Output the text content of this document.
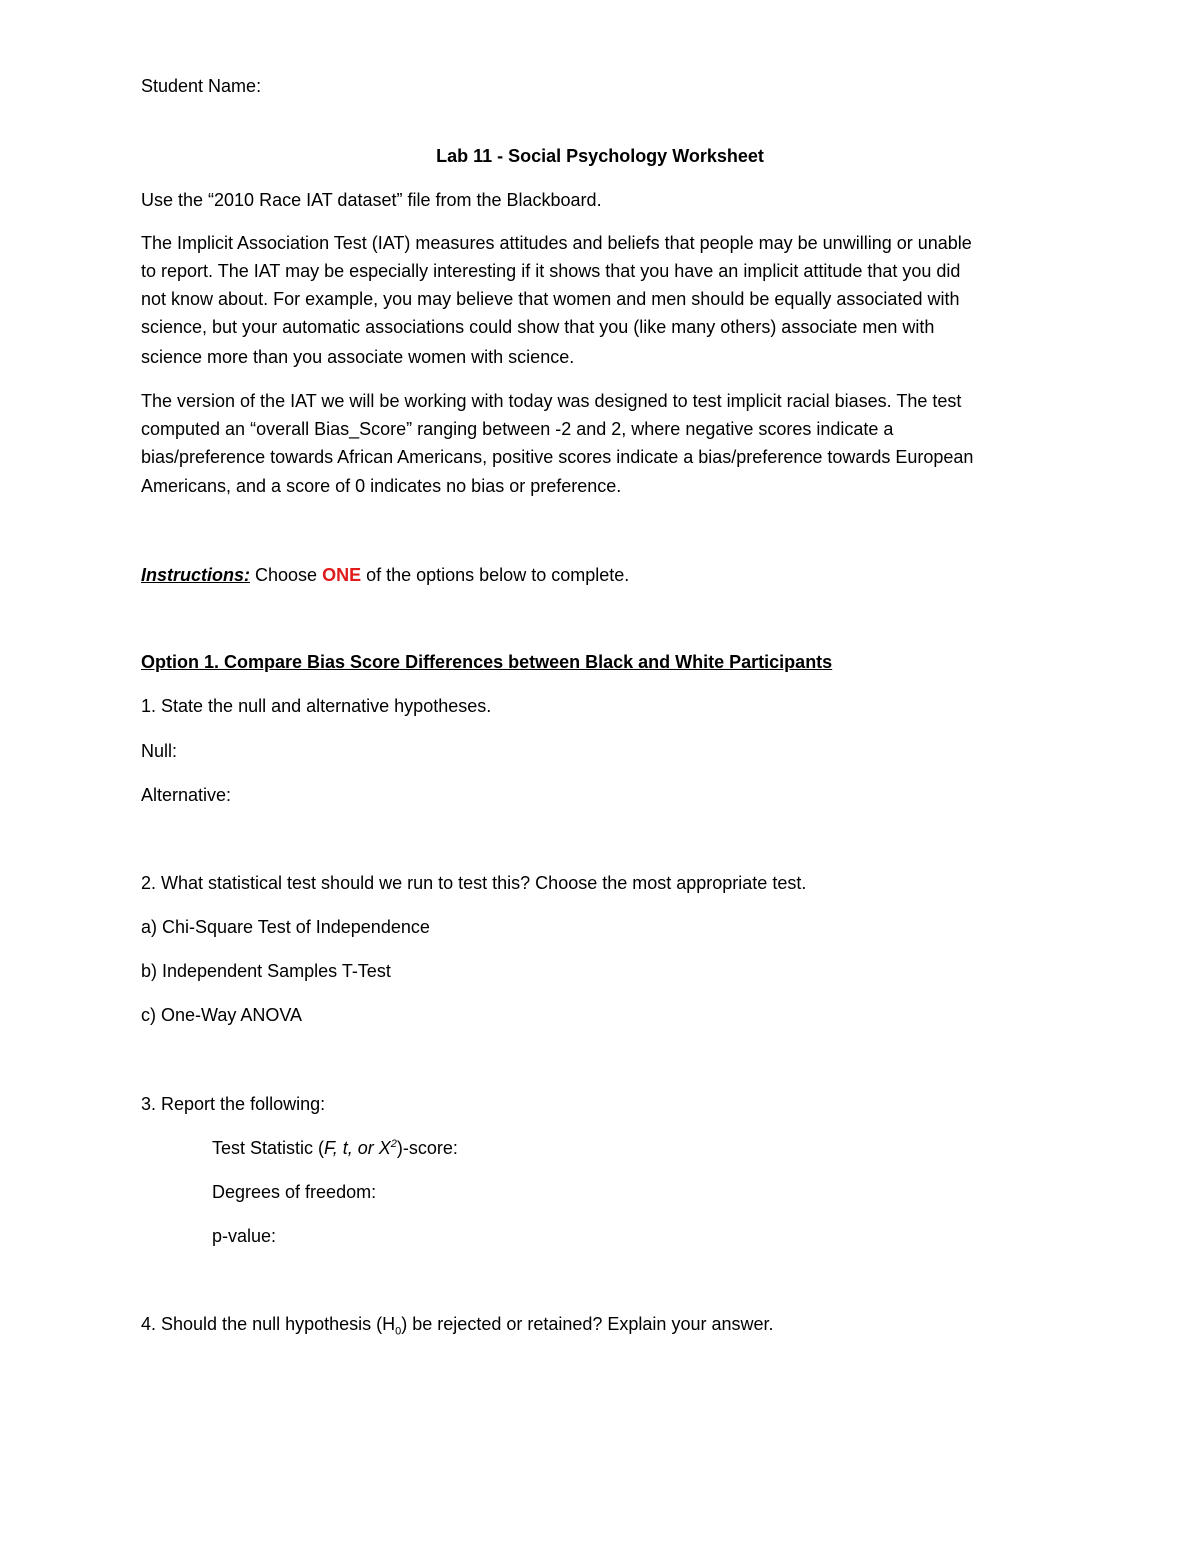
Student Name:
Lab 11 - Social Psychology Worksheet
Use the “2010 Race IAT dataset” file from the Blackboard.
The Implicit Association Test (IAT) measures attitudes and beliefs that people may be unwilling or unable
to report. The IAT may be especially interesting if it shows that you have an implicit attitude that you did
not know about. For example, you may believe that women and men should be equally associated with
science, but your automatic associations could show that you (like many others) associate men with
science more than you associate women with science.
The version of the IAT we will be working with today was designed to test implicit racial biases. The test
computed an “overall Bias_Score” ranging between -2 and 2, where negative scores indicate a
bias/preference towards African Americans, positive scores indicate a bias/preference towards European
Americans, and a score of 0 indicates no bias or preference.
Instructions: Choose ONE of the options below to complete.
Option 1. Compare Bias Score Differences between Black and White Participants
1. State the null and alternative hypotheses.
Null:
Alternative:
2. What statistical test should we run to test this? Choose the most appropriate test.
a) Chi-Square Test of Independence
b) Independent Samples T-Test
c) One-Way ANOVA
3. Report the following:
Test Statistic (F, t, or $X^2$)-score:
Degrees of freedom:
p-value:
4. Should the null hypothesis $(H_0)$ be rejected or retained? Explain your answer.
